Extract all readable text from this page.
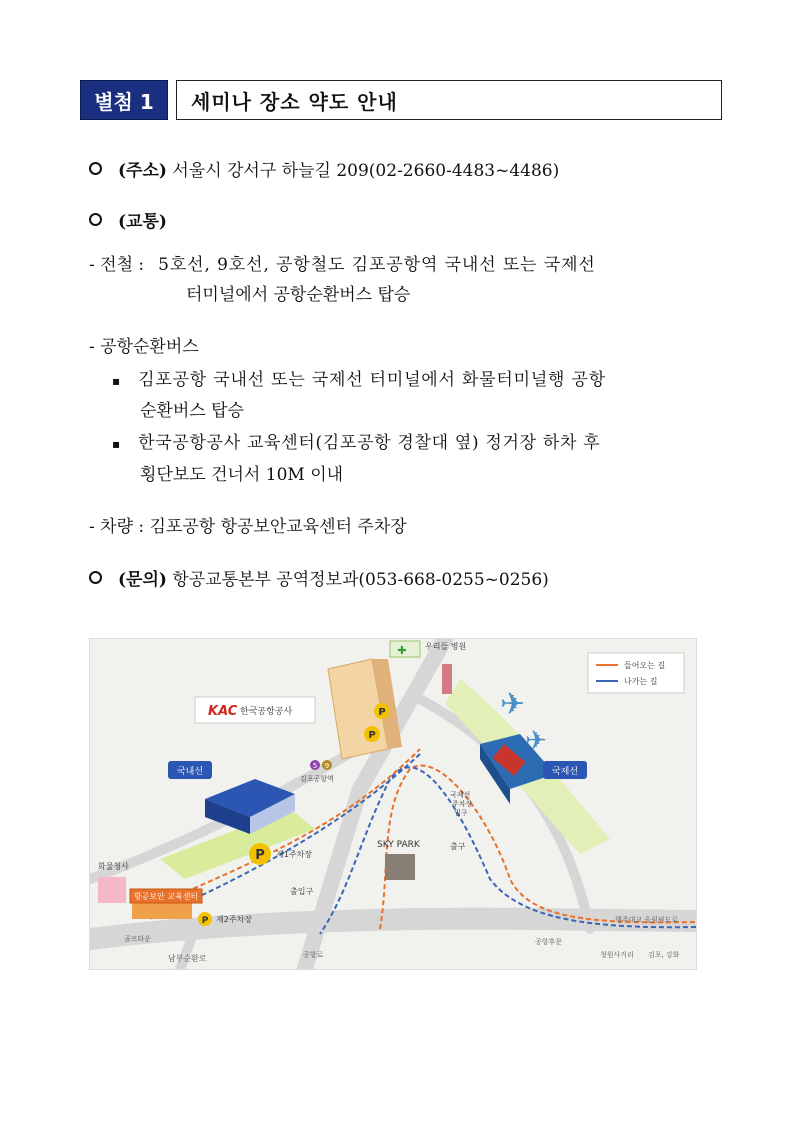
별첨 1	세미나 장소 약도 안내
(주소) 서울시 강서구 하늘길 209(02-2660-4483~4486)
(교통)
- 전철 : 5호선, 9호선, 공항철도 김포공항역 국내선 또는 국제선
터미널에서 공항순환버스 탑승
- 공항순환버스
▪ 김포공항 국내선 또는 국제선 터미널에서 화물터미널행 공항
순환버스 탑승
▪ 한국공항공사 교육센터(김포공항 경찰대 옆) 정거장 하차 후
횡단보도 건너서 10M 이내
- 차량 : 김포공항 항공보안교육센터 주차장
(문의) 항공교통본부 공역정보과(053-668-0255~0256)
KAC 한국공항공사
국내선	국제선
✈
✈
✚ 우리들 병원
들어오는 길
나가는 길
5 9
김포공항역
P
P
P 제1주차장
P 제2주차장
SKY PARK
출입구
출구
국제선
주차장
입구
화물청사
항공보안 교육센터
골프타운
남부순환로	공항로
공항후문
행주대교 올림픽도로
청원사거리 김포, 강화
